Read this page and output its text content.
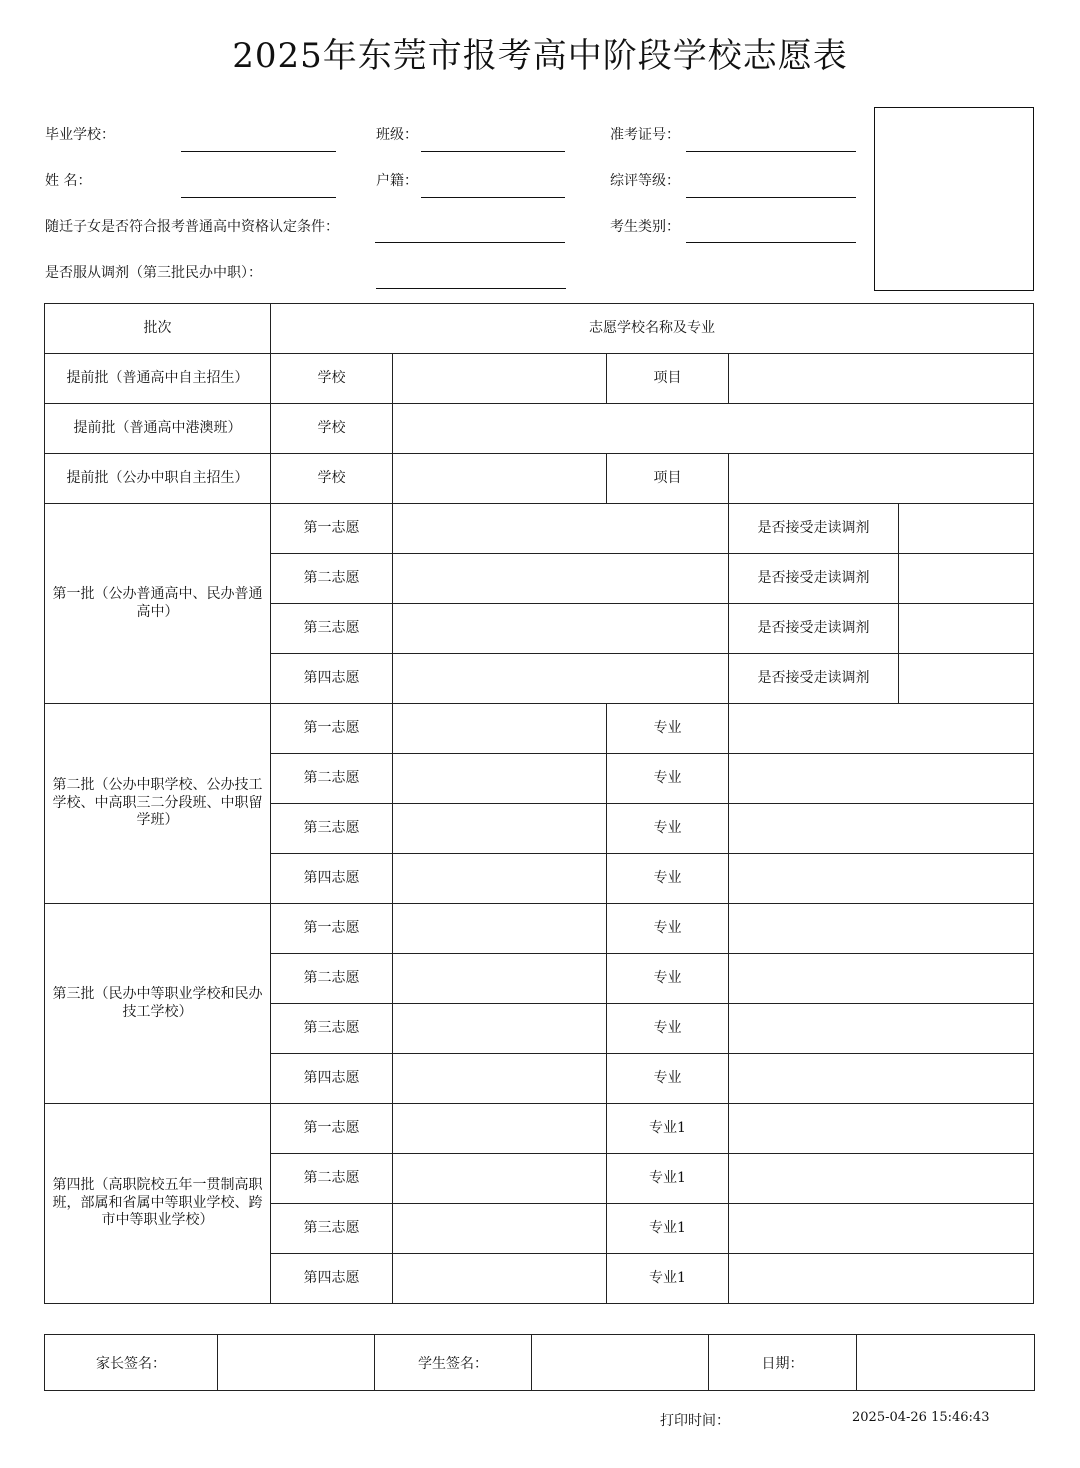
2025年东莞市报考高中阶段学校志愿表
毕业学校：	班级：	准考证号：
姓 名：	户籍：	综评等级：
随迁子女是否符合报考普通高中资格认定条件：	考生类别：
是否服从调剂（第三批民办中职）：
批次	志愿学校名称及专业				
提前批（普通高中自主招生）	学校		项目		
提前批（普通高中港澳班）	学校				
提前批（公办中职自主招生）	学校		项目		
第一批（公办普通高中、民办普通高中）	第一志愿			是否接受走读调剂	
	第二志愿			是否接受走读调剂	
	第三志愿			是否接受走读调剂	
	第四志愿			是否接受走读调剂	
第二批（公办中职学校、公办技工学校、中高职三二分段班、中职留学班）	第一志愿		专业		
	第二志愿		专业		
	第三志愿		专业		
	第四志愿		专业		
第三批（民办中等职业学校和民办技工学校）	第一志愿		专业		
	第二志愿		专业		
	第三志愿		专业		
	第四志愿		专业		
第四批（高职院校五年一贯制高职班，部属和省属中等职业学校、跨市中等职业学校）	第一志愿		专业1		
	第二志愿		专业1		
	第三志愿		专业1		
	第四志愿		专业1		
家长签名：		学生签名：		日期：	
打印时间：	2025-04-26 15:46:43
